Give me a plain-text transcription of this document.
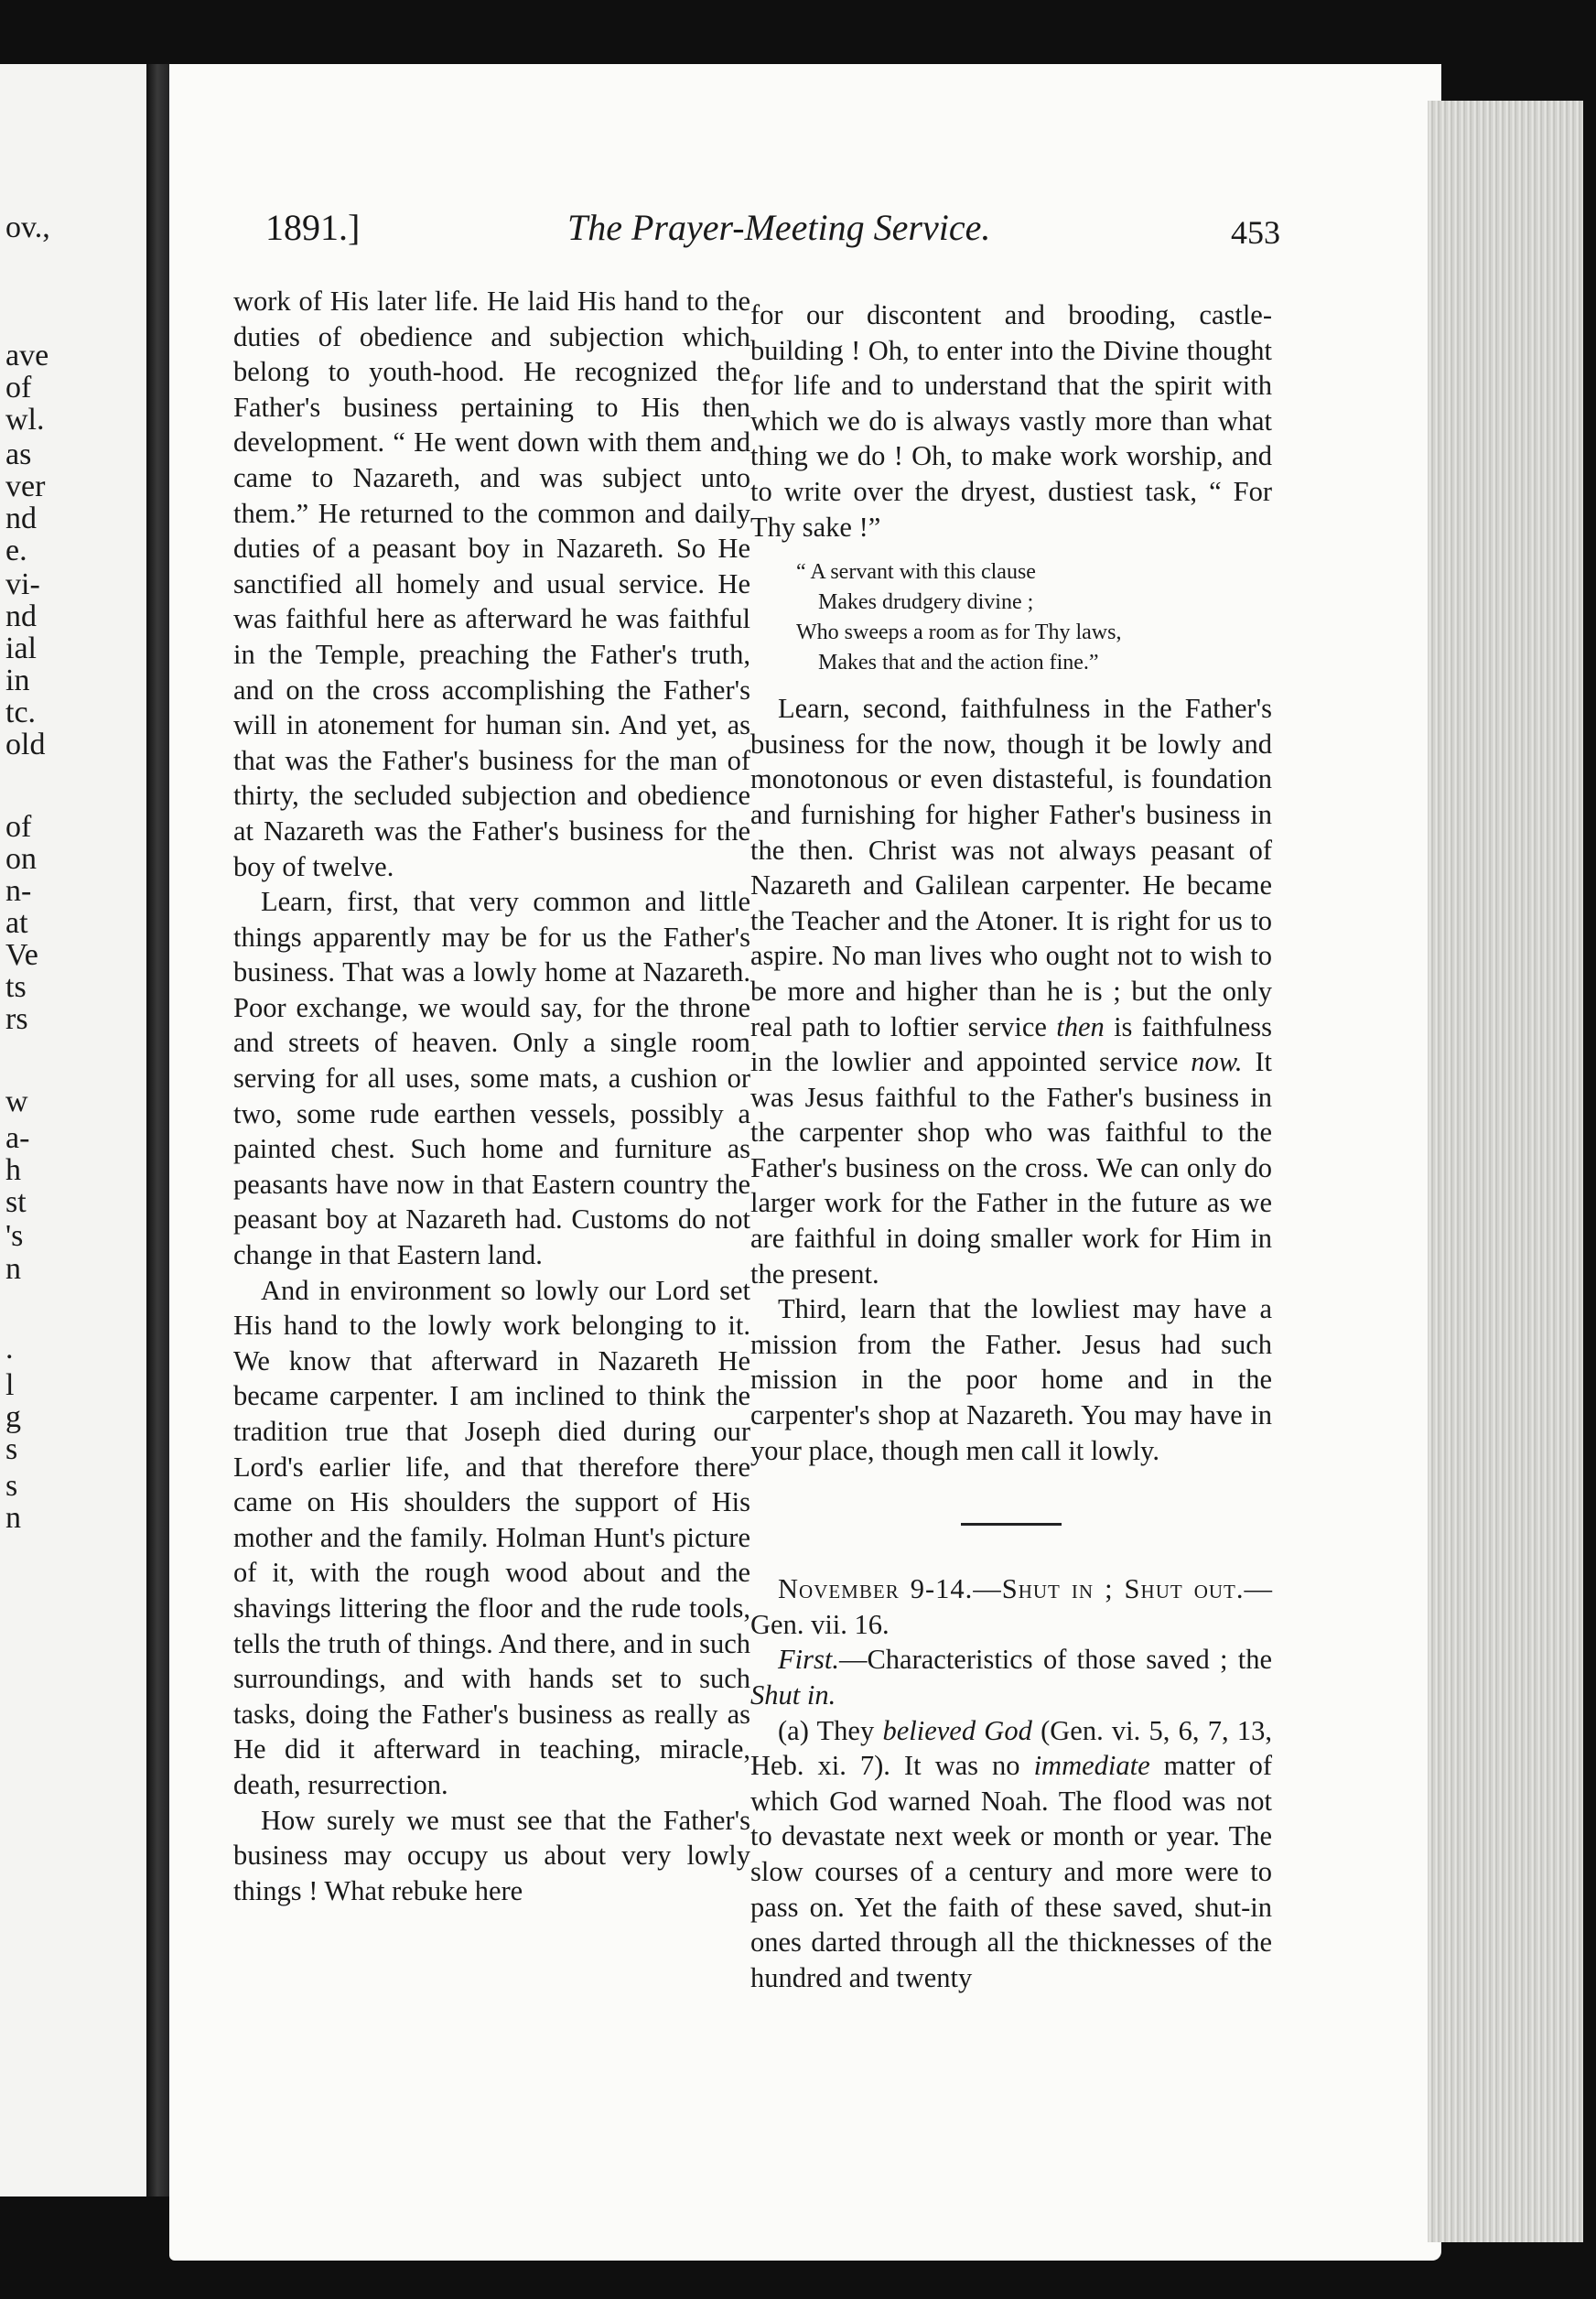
ov.,
ave
of
wl.
as
ver
nd
e.
vi-
nd
ial
in
tc.
old
of
on
n-
at
Ve
ts
rs
w
a-
h
st
's
n
.
l
g
s
s
n
1891.]	The Prayer-Meeting Service.	453

work of His later life. He laid His hand to the duties of obedience and subjection which belong to youth-hood. He recognized the Father's business pertaining to His then development. “ He went down with them and came to Nazareth, and was subject unto them.” He returned to the common and daily duties of a peasant boy in Nazareth. So He sanctified all homely and usual service. He was faithful here as afterward he was faithful in the Temple, preaching the Father's truth, and on the cross accomplishing the Father's will in atonement for human sin. And yet, as that was the Father's business for the man of thirty, the secluded subjection and obedience at Nazareth was the Father's business for the boy of twelve.

Learn, first, that very common and little things apparently may be for us the Father's business. That was a lowly home at Nazareth. Poor exchange, we would say, for the throne and streets of heaven. Only a single room serving for all uses, some mats, a cushion or two, some rude earthen vessels, possibly a painted chest. Such home and furniture as peasants have now in that Eastern country the peasant boy at Nazareth had. Customs do not change in that Eastern land.

And in environment so lowly our Lord set His hand to the lowly work belonging to it. We know that afterward in Nazareth He became carpenter. I am inclined to think the tradition true that Joseph died during our Lord's earlier life, and that therefore there came on His shoulders the support of His mother and the family. Holman Hunt's picture of it, with the rough wood about and the shavings littering the floor and the rude tools, tells the truth of things. And there, and in such surroundings, and with hands set to such tasks, doing the Father's business as really as He did it afterward in teaching, miracle, death, resurrection.

How surely we must see that the Father's business may occupy us about very lowly things ! What rebuke here

for our discontent and brooding, castle-building ! Oh, to enter into the Divine thought for life and to understand that the spirit with which we do is always vastly more than what thing we do ! Oh, to make work worship, and to write over the dryest, dustiest task, “ For Thy sake !”

“ A servant with this clause
Makes drudgery divine ;
Who sweeps a room as for Thy laws,
Makes that and the action fine.”

Learn, second, faithfulness in the Father's business for the now, though it be lowly and monotonous or even distasteful, is foundation and furnishing for higher Father's business in the then. Christ was not always peasant of Nazareth and Galilean carpenter. He became the Teacher and the Atoner. It is right for us to aspire. No man lives who ought not to wish to be more and higher than he is ; but the only real path to loftier service then is faithfulness in the lowlier and appointed service now. It was Jesus faithful to the Father's business in the carpenter shop who was faithful to the Father's business on the cross. We can only do larger work for the Father in the future as we are faithful in doing smaller work for Him in the present.

Third, learn that the lowliest may have a mission from the Father. Jesus had such mission in the poor home and in the carpenter's shop at Nazareth. You may have in your place, though men call it lowly.

November 9-14.—Shut in ; Shut out.—Gen. vii. 16.

First.—Characteristics of those saved ; the Shut in.

(a) They believed God (Gen. vi. 5, 6, 7, 13, Heb. xi. 7). It was no immediate matter of which God warned Noah. The flood was not to devastate next week or month or year. The slow courses of a century and more were to pass on. Yet the faith of these saved, shut-in ones darted through all the thicknesses of the hundred and twenty
